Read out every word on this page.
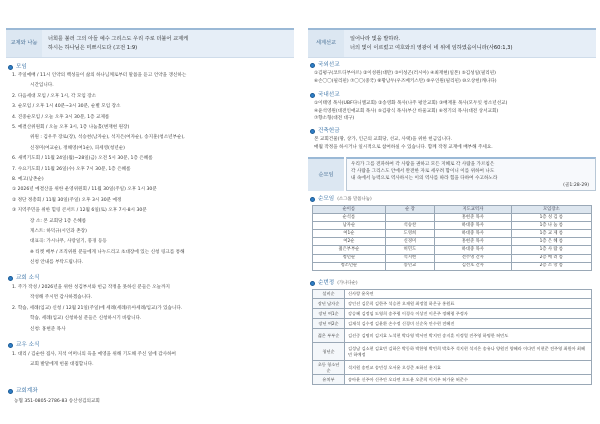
교제와 나눔
너희를 불러 그의 아들 예수 그리스도 우리 주로 더불어 교제케
하시는 하나님은 미쁘시도다 (고전 1:9)
모임
1. 주일예배 / 11시 인약의 백성들이 삶의 하나님께로부터 말씀을 듣고 언약을 갱신하는
시간입니다.
2. 다음세대 모임 / 오후 1시, 각 모임 장소
3. 순모임 / 오후 1시 40분~3시 30분, 순별 모임 장소
4. 진중순모임 / 오늘 오후 3시 30분, 1층 교제룸
5. 예결산위원회 / 오늘 오후 3시, 1층 나눔홀(변재현 원장)
위원 : 김우주 장로(장), 석승천(남자순), 석지은(여자순), 송지훈(청소년부순),
신경미(여교순), 정해영(여1순), 피세영(청년순)
6. 새벽기도회 / 11월 24일(월)~28일(금) 오전 5시 30분, 1층 은혜룸
7. 수요기도회 / 11월 26일(수) 오후 7시 30분, 1층 은혜룸
8. 예고(남촌순)
① 2026년 예결산을 위한 운영위원회 / 11월 30일(주일) 오후 1시 30분
② 정단 정총회 / 11월 30일(주일) 오후 3시 30분 예정
③ 지역주민을 위한 힐링 콘서트 / 12월 6일(토) 오후 7시-8시 30분
장 소: 본 교회당 1층 은혜룸
게스트: 하덕규(시인과 촌장)
대표곡: 가시나무, 사랑일기, 풍경 등등
※ 티켓 배부 / 조직위원 분들에게 나누드리고 초대장에 있는 신청 링크를 통해
신청 안내를 부탁드립니다.
교회 소식
1. 주가 작성 / 2026년을 위한 성김부서와 헌금 작정을 못하신 분들은 오늘까지
작성해 주시면 감사하겠습니다.
2. 학습, 세례(입교) 신청 / 12월 21일(주일)에 세례(세례/유아세례/입교)가 있습니다.
학습, 세례(입교) 신청하실 분들은 신청하시기 바랍니다.
신청: 홍현준 목사
교우 소식
1. 대리 / 김순한 집사, 지석 어머니의 육을 예영을 위해 기도해 주신 일에 감사하여
교회 발달에게 헌물 대접합니다.
교회계좌
농협 351-0805-2786-83 송산성김의교회
세계선교
일어나라 빛을 발하라.
너의 빛이 이르렀고 여호와의 영광이 네 위에 임하였음이니라(사60:1,3)
국외선교
①김평구(코트디부아르) ②이성원(대만) ③이성곤(러시아) ④최재현(일본) ⑤김성일(필리핀)
⑥손〇〇(필리핀) ⑦〇〇(중국) ⑧황남두(우즈베키스탄) ⑨우인원(필리핀) ⑩오상헌(캐나다)
국내선교
①이태영 목사(UBF다니엘교회) ②송영화 목사(나주 평안교회) ③배재훈 목사(모두잇 청소년선교)
④윤석영원(대전인애교회 목사) ⑤김광식 목사(부산 바울교회) ⑥정기의 목사(대전 상서교회)
⑦향소형(대전 대구)
건축헌금
본 교회건물(땅, 상가, 인근의 교회당, 선교, 사택)을 위한 헌금입니다.
매월 작정을 하시거나 일시적으로 참여하실 수 있습니다. 함께 작정 교재에 배부해 주세요.
순모임
우리가 그를 전파하여 각 사람을 권하고 모든 지혜로 각 사람을 가르침은
각 사람을 그리스도 안에서 완전한 자로 세우려 함이니 이를 위하여 나도
내 속에서 능력으로 역사하시는 이의 역사를 따라 힘을 다하여 수고하노라
(골1:28-29)
순모임 (소그룹 말씀나눔)
순이름	순 장	지도교역자	모임장소
순석룸		홍현준 목사	1층 성 김 룸
남자순	석승찬	하대중 목사	1층 나 눔 룸
여1순	도영희	하대중 목사	1층 교 제 룸
여2순	신경미	홍현준 목사	1층 은 혜 룸
젊은부부순	허민도	하대중 목사	1층 사 람 룸
청년순	석지현	전주영 간사	2층 배 려 룸
청소년순	송민교	김선호 간사	2층 소 망 룸
순번정 (가나다순)
설비순	신사랑 윤옥연
장년 남자순	강인선 김문희 김한주 석승찬 오재원 최정열 하은규 홍원표
장년 여1순	강승혜 김정임 도영희 송주령 이경숙 이상진 이은주 정혜령 주정자
장년 여2순	김재석 김수정 김윤환 손수정 신경미 신순옥 안수현 전혜진
젊은 부부순	김선중 김명미 김지효 노석현 박다영 박서연 박지연 송지훈 이정열 진주영 하명한 허민도
청년순	김성남 김소현 김효빈 김하은 박동하 박한영 박민희 박호주 석지현 석지은 송유나 양원진 양혜라 이다빈 이현준 전주영 최원아 최혜민 하예정
초등 청소년순	석지원 송민교 송민성 오서윤 오성준 조하선 홍지효
유치부	송아윤 신주아 신주안 오다연 오도윤 오준희 이지우 허가윤 허준수
